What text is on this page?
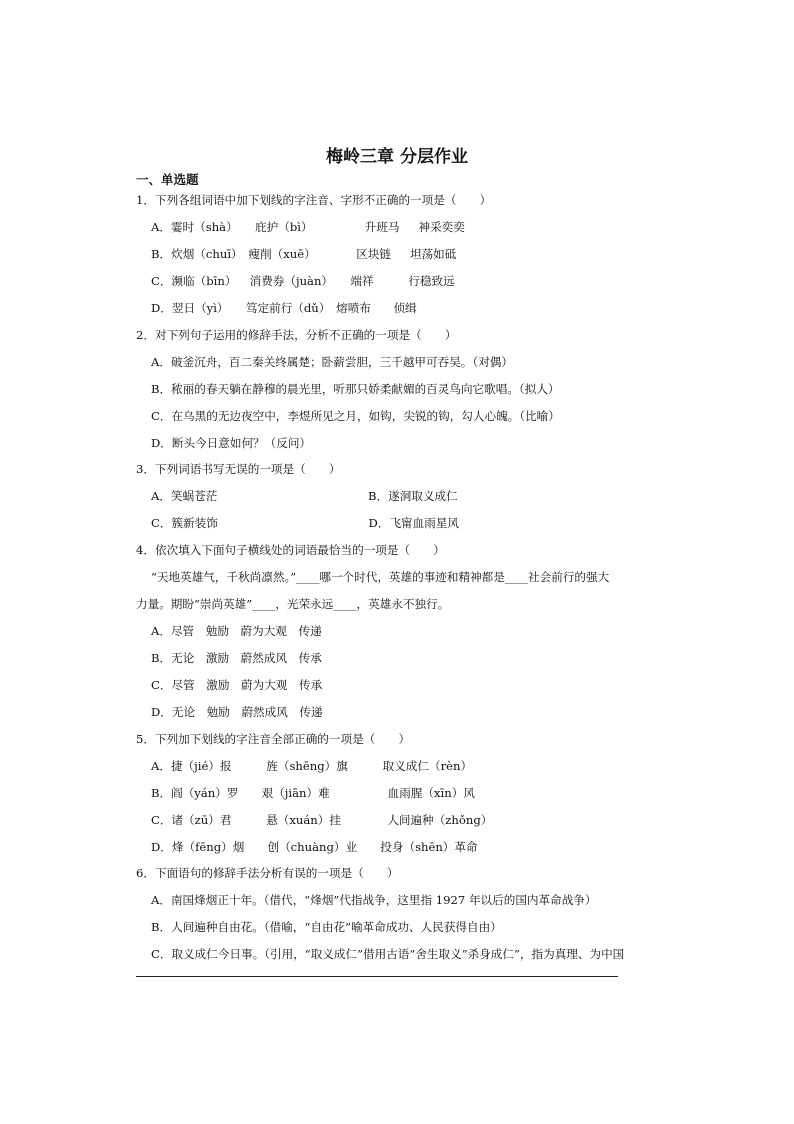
梅岭三章 分层作业
一、单选题
1．下列各组词语中加下划线的字注音、字形不正确的一项是（　　）
A．霎时（shà）　　庇护（bì）　　　　　升班马　  神采奕奕
B．炊烟（chuī）　瘦削（xuē）　　　　区块链　  坦荡如砥
C．濒临（bīn）　  消费券（juàn）　　端祥　　　行稳致远
D．翌日（yì）　　笃定前行（dǔ）　熔喷布　   侦缉
2．对下列句子运用的修辞手法，分析不正确的一项是（　　）
A．破釜沉舟，百二秦关终属楚；卧薪尝胆，三千越甲可吞吴。（对偶）
B．秾丽的春天躺在静穆的晨光里，听那只娇柔献媚的百灵鸟向它歌唱。（拟人）
C．在乌黑的无边夜空中，李煜所见之月，如钩，尖锐的钩，勾人心魄。（比喻）
D．断头今日意如何？（反问）
3．下列词语书写无误的一项是（　　）
A．笑蜗苍茫　　　　　　　　　　　　　B．遂洞取义成仁
C．簇新装饰　　　　　　　　　　　　　D．飞甯血雨星风
4．依次填入下面句子横线处的词语最恰当的一项是（　　）
“天地英雄气，千秋尚凛然。”____哪一个时代，英雄的事迹和精神都是____社会前行的强大
力量。期盼“崇尚英雄”____，光荣永远____，英雄永不独行。
A．尽管　勉励　蔚为大观　传递
B．无论　激励　蔚然成风　传承
C．尽管　激励　蔚为大观　传承
D．无论　勉励　蔚然成风　传递
5．下列加下划线的字注音全部正确的一项是（　　）
A．捷（jié）报　　　旌（shēng）旗　　　取义成仁（rèn）
B．阎（yán）罗　　艰（jiān）难　　　　　血雨腥（xīn）风
C．诸（zū）君　　　悬（xuán）挂　　　　人间遍种（zhǒng）
D．烽（fēng）烟　　创（chuàng）业　　投身（shēn）革命
6．下面语句的修辞手法分析有误的一项是（　　）
A．南国烽烟正十年。（借代，“烽烟”代指战争，这里指 1927 年以后的国内革命战争）
B．人间遍种自由花。（借喻，“自由花”喻革命成功、人民获得自由）
C．取义成仁今日事。（引用，“取义成仁”借用古语“舍生取义”杀身成仁”，指为真理、为中国
